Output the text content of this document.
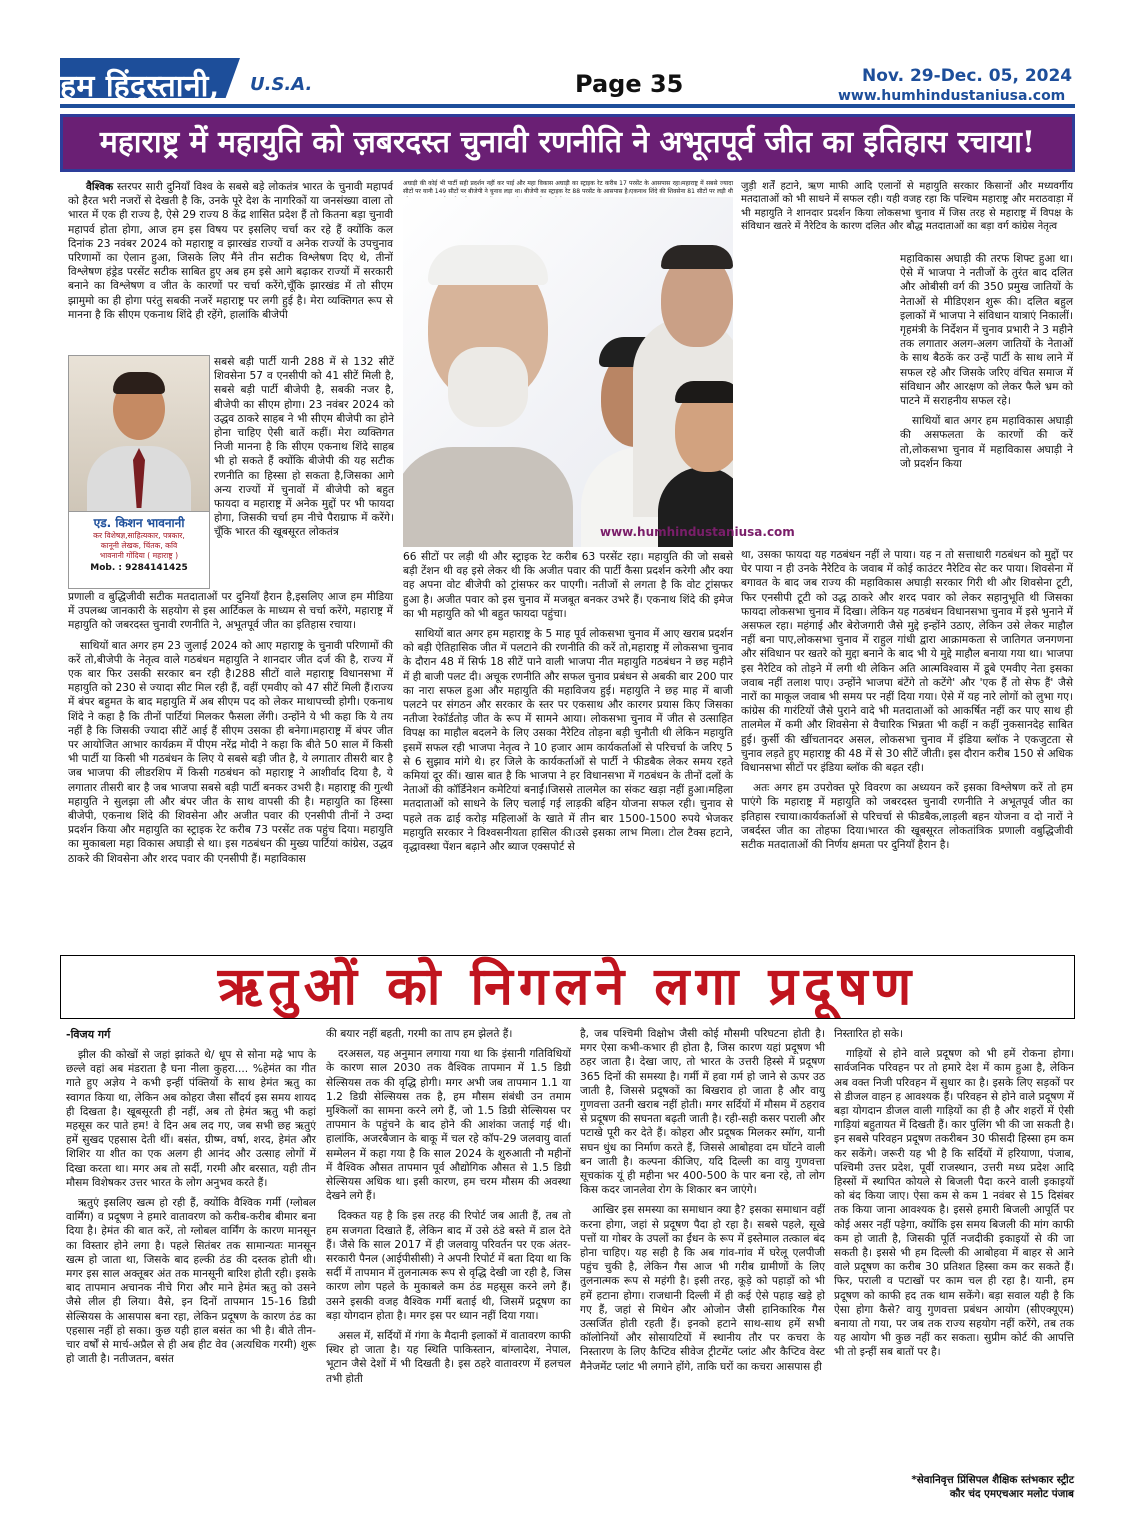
हम हिंदुस्तानी, U.S.A.	Page 35	Nov. 29-Dec. 05, 2024
www.humhindustaniusa.com
महाराष्ट्र में महायुति को ज़बरदस्त चुनावी रणनीति ने अभूतपूर्व जीत का इतिहास रचाया!

वैश्विक स्तरपर सारी दुनियाँ विश्व के सबसे बड़े लोकतंत्र भारत के चुनावी महापर्व को हैरत भरी नजरों से देखती है कि, उनके पूरे देश के नागरिकों या जनसंख्या वाला तो भारत में एक ही राज्य है, ऐसे 29 राज्य 8 केंद्र शासित प्रदेश हैं तो कितना बड़ा चुनावी महापर्व होता होगा, आज हम इस विषय पर इसलिए चर्चा कर रहे हैं क्योंकि कल दिनांक 23 नवंबर 2024 को महाराष्ट्र व झारखंड राज्यों व अनेक राज्यों के उपचुनाव परिणामों का ऐलान हुआ, जिसके लिए मैंने तीन सटीक विश्लेषण दिए थे, तीनों विश्लेषण हंड्रेड परसेंट सटीक साबित हुए अब हम इसे आगे बढ़ाकर राज्यों में सरकारी बनाने का विश्लेषण व जीत के कारणों पर चर्चा करेंगे,चूँकि झारखंड में तो सीएम झामुमो का ही होगा परंतु सबकी नजरें महाराष्ट्र पर लगी हुई है। मेरा व्यक्तिगत रूप से मानना है कि सीएम एकनाथ शिंदे ही रहेंगे, हालांकि बीजेपी

एड. किशन भावनानी
कर विशेषज्ञ,साहित्यकार, पत्रकार,
कानूनी लेखक, चिंतक, कवि
भावनानी गोंदिया ( महाराष्ट्र )
Mob. : 9284141425

सबसे बड़ी पार्टी यानी 288 में से 132 सीटें शिवसेना 57 व एनसीपी को 41 सीटें मिली है, सबसे बड़ी पार्टी बीजेपी है, सबकी नजर है, बीजेपी का सीएम होगा। 23 नवंबर 2024 को उद्धव ठाकरे साहब ने भी सीएम बीजेपी का होने होना चाहिए ऐसी बातें कहीं। मेरा व्यक्तिगत निजी मानना है कि सीएम एकनाथ शिंदे साहब भी हो सकते हैं क्योंकि बीजेपी की यह सटीक रणनीति का हिस्सा हो सकता है,जिसका आगे अन्य राज्यों में चुनावों में बीजेपी को बहुत फायदा व महाराष्ट्र में अनेक मुद्दों पर भी फायदा होगा, जिसकी चर्चा हम नीचे पैराग्राफ में करेंगे। चूँकि भारत की खूबसूरत लोकतंत्र

प्रणाली व बुद्धिजीवी सटीक मतदाताओं पर दुनियाँ हैरान है,इसलिए आज हम मीडिया में उपलब्ध जानकारी के सहयोग से इस आर्टिकल के माध्यम से चर्चा करेंगे, महाराष्ट्र में महायुति को जबरदस्त चुनावी रणनीति ने, अभूतपूर्व जीत का इतिहास रचाया।

साथियों बात अगर हम 23 जुलाई 2024 को आए महाराष्ट्र के चुनावी परिणामों की करें तो,बीजेपी के नेतृत्व वाले गठबंधन महायुति ने शानदार जीत दर्ज की है, राज्य में एक बार फिर उसकी सरकार बन रही है।288 सीटों वाले महाराष्ट्र विधानसभा में महायुति को 230 से ज्यादा सीट मिल रही हैं, वहीं एमवीए को 47 सीटें मिली हैं।राज्य में बंपर बहुमत के बाद महायुति में अब सीएम पद को लेकर माथापच्ची होगी। एकनाथ शिंदे ने कहा है कि तीनों पार्टियां मिलकर फैसला लेंगी। उन्होंने ये भी कहा कि ये तय नहीं है कि जिसकी ज्यादा सीटें आई हैं सीएम उसका ही बनेगा।महाराष्ट्र में बंपर जीत पर आयोजित आभार कार्यक्रम में पीएम नरेंद्र मोदी ने कहा कि बीते 50 साल में किसी भी पार्टी या किसी भी गठबंधन के लिए ये सबसे बड़ी जीत है, ये लगातार तीसरी बार है जब भाजपा की लीडरशिप में किसी गठबंधन को महाराष्ट्र ने आशीर्वाद दिया है, ये लगातार तीसरी बार है जब भाजपा सबसे बड़ी पार्टी बनकर उभरी है। महाराष्ट्र की गुत्थी महायुति ने सुलझा ली और बंपर जीत के साथ वापसी की है। महायुति का हिस्सा बीजेपी, एकनाथ शिंदे की शिवसेना और अजीत पवार की एनसीपी तीनों ने उम्दा प्रदर्शन किया और महायुति का स्ट्राइक रेट करीब 73 परसेंट तक पहुंच दिया। महायुति का मुकाबला महा विकास अघाड़ी से था। इस गठबंधन की मुख्य पार्टियां कांग्रेस, उद्धव ठाकरे की शिवसेना और शरद पवार की एनसीपी हैं। महाविकास

अघाड़ी की कोई भी पार्टी सही प्रदर्शन नहीं कर पाई और महा विकास अघाड़ी का स्ट्राइक रेट करीब 17 परसेंट के आसपास रहा।महाराष्ट्र में सबसे ज्यादा सीटों पर यानी 149 सीटों पर बीजेपी ने चुनाव लड़ा था। बीजेपी का स्ट्राइक रेट 88 परसेंट के आसपास है।एकनाथ शिंदे की शिवसेना 81 सीटों पर लड़ी थी

www.humhindustaniusa.com

66 सीटों पर लड़ी थी और स्ट्राइक रेट करीब 63 परसेंट रहा। महायुति की जो सबसे बड़ी टेंशन थी वह इसे लेकर थी कि अजीत पवार की पार्टी कैसा प्रदर्शन करेगी और क्या वह अपना वोट बीजेपी को ट्रांसफर कर पाएगी। नतीजों से लगता है कि वोट ट्रांसफर हुआ है। अजीत पवार को इस चुनाव में मजबूत बनकर उभरे हैं। एकनाथ शिंदे की इमेज का भी महायुति को भी बहुत फायदा पहुंचा।

साथियों बात अगर हम महाराष्ट्र के 5 माह पूर्व लोकसभा चुनाव में आए खराब प्रदर्शन को बड़ी ऐतिहासिक जीत में पलटाने की रणनीति की करें तो,महाराष्ट्र में लोकसभा चुनाव के दौरान 48 में सिर्फ 18 सीटें पाने वाली भाजपा नीत महायुति गठबंधन ने छह महीने में ही बाजी पलट दी। अचूक रणनीति और सफल चुनाव प्रबंधन से अबकी बार 200 पार का नारा सफल हुआ और महायुति की महाविजय हुई। महायुति ने छह माह में बाजी पलटने पर संगठन और सरकार के स्तर पर एकसाथ और कारगर प्रयास किए जिसका नतीजा रेकॉर्डतोड़ जीत के रूप में सामने आया। लोकसभा चुनाव में जीत से उत्साहित विपक्ष का माहौल बदलने के लिए उसका नैरेटिव तोड़ना बड़ी चुनौती थी लेकिन महायुति इसमें सफल रही भाजपा नेतृत्व ने 10 हजार आम कार्यकर्ताओं से परिचर्चा के जरिए 5 से 6 सुझाव मांगे थे। हर जिले के कार्यकर्ताओं से पार्टी ने फीडबैक लेकर समय रहते कमियां दूर कीं। खास बात है कि भाजपा ने हर विधानसभा में गठबंधन के तीनों दलों के नेताओं की कॉर्डिनेशन कमेटियां बनाईं।जिससे तालमेल का संकट खड़ा नहीं हुआ।महिला मतदाताओं को साधने के लिए चलाई गई लाड़की बहिन योजना सफल रही। चुनाव से पहले तक ढाई करोड़ महिलाओं के खाते में तीन बार 1500-1500 रुपये भेजकर महायुति सरकार ने विश्वसनीयता हासिल की।उसे इसका लाभ मिला। टोल टैक्स हटाने, वृद्धावस्था पेंशन बढ़ाने और ब्याज एक्सपोर्ट से

जुड़ी शर्तें हटाने, ऋण माफी आदि एलानों से महायुति सरकार किसानों और मध्यवर्गीय मतदाताओं को भी साधने में सफल रही। यही वजह रहा कि पश्चिम महाराष्ट्र और मराठवाड़ा में भी महायुति ने शानदार प्रदर्शन किया लोकसभा चुनाव में जिस तरह से महाराष्ट्र में विपक्ष के संविधान खतरे में नैरेटिव के कारण दलित और बौद्ध मतदाताओं का बड़ा वर्ग कांग्रेस नेतृत्व

महाविकास अघाड़ी की तरफ शिफ्ट हुआ था। ऐसे में भाजपा ने नतीजों के तुरंत बाद दलित और ओबीसी वर्ग की 350 प्रमुख जातियों के नेताओं से मीडिएशन शुरू की। दलित बहुल इलाकों में भाजपा ने संविधान यात्राएं निकालीं। गृहमंत्री के निर्देशन में चुनाव प्रभारी ने 3 महीने तक लगातार अलग-अलग जातियों के नेताओं के साथ बैठकें कर उन्हें पार्टी के साथ लाने में सफल रहे और जिसके जरिए वंचित समाज में संविधान और आरक्षण को लेकर फैले भ्रम को पाटने में सराहनीय सफल रहे।

साथियों बात अगर हम महाविकास अघाड़ी की असफलता के कारणों की करें तो,लोकसभा चुनाव में महाविकास अघाड़ी ने जो प्रदर्शन किया

था, उसका फायदा यह गठबंधन नहीं ले पाया। यह न तो सत्ताधारी गठबंधन को मुद्दों पर घेर पाया न ही उनके नैरेटिव के जवाब में कोई काउंटर नैरेटिव सेट कर पाया। शिवसेना में बगावत के बाद जब राज्य की महाविकास अघाड़ी सरकार गिरी थी और शिवसेना टूटी, फिर एनसीपी टूटी को उद्ध ठाकरे और शरद पवार को लेकर सहानुभूति थी जिसका फायदा लोकसभा चुनाव में दिखा। लेकिन यह गठबंधन विधानसभा चुनाव में इसे भुनाने में असफल रहा। महंगाई और बेरोजगारी जैसे मुद्दे इन्होंने उठाए, लेकिन उसे लेकर माहौल नहीं बना पाए,लोकसभा चुनाव में राहुल गांधी द्वारा आक्रामकता से जातिगत जनगणना और संविधान पर खतरे को मुद्दा बनाने के बाद भी ये मुद्दे माहौल बनाया गया था। भाजपा इस नैरेटिव को तोड़ने में लगी थी लेकिन अति आत्मविश्वास में डूबे एमवीए नेता इसका जवाब नहीं तलाश पाए। उन्होंने भाजपा बंटेंगे तो कटेंगे' और 'एक हैं तो सेफ हैं' जैसे नारों का माकूल जवाब भी समय पर नहीं दिया गया। ऐसे में यह नारे लोगों को लुभा गए। कांग्रेस की गारंटियों जैसे पुराने वादे भी मतदाताओं को आकर्षित नहीं कर पाए साथ ही तालमेल में कमी और शिवसेना से वैचारिक भिन्नता भी कहीं न कहीं नुकसानदेह साबित हुई। कुर्सी की खींचतानदर असल, लोकसभा चुनाव में इंडिया ब्लॉक ने एकजुटता से चुनाव लड़ते हुए महाराष्ट्र की 48 में से 30 सीटें जीती। इस दौरान करीब 150 से अधिक विधानसभा सीटों पर इंडिया ब्लॉक की बढ़त रही।

अतः अगर हम उपरोक्त पूरे विवरण का अध्ययन करें इसका विश्लेषण करें तो हम पाएंगे कि महाराष्ट्र में महायुति को जबरदस्त चुनावी रणनीति ने अभूतपूर्व जीत का इतिहास रचाया।कार्यकर्ताओं से परिचर्चा से फीडबैक,लाड़ली बहन योजना व दो नारों ने जबर्दस्त जीत का तोहफा दिया।भारत की खूबसूरत लोकतांत्रिक प्रणाली वबुद्धिजीवी सटीक मतदाताओं की निर्णय क्षमता पर दुनियाँ हैरान है।

ऋतुओं को निगलने लगा प्रदूषण
-विजय गर्ग

झील की कोखों से जहां झांकते थे/ धूप से सोना मढ़े भाप के छल्ले वहां अब मंडराता है घना नीला कुहरा.... %हेमंत का गीत गाते हुए अज्ञेय ने कभी इन्हीं पंक्तियों के साथ हेमंत ऋतु का स्वागत किया था, लेकिन अब कोहरा जैसा सौंदर्य इस समय शायद ही दिखता है। खूबसूरती ही नहीं, अब तो हेमंत ऋतु भी कहां महसूस कर पाते हम! वे दिन अब लद गए, जब सभी छह ऋतुएं हमें सुखद एहसास देती थीं। बसंत, ग्रीष्म, वर्षा, शरद, हेमंत और शिशिर या शीत का एक अलग ही आनंद और उत्साह लोगों में दिखा करता था। मगर अब तो सर्दी, गरमी और बरसात, यही तीन मौसम विशेषकर उत्तर भारत के लोग अनुभव करते हैं।

ऋतुएं इसलिए खत्म हो रही हैं, क्योंकि वैश्विक गर्मी (ग्लोबल वार्मिंग) व प्रदूषण ने हमारे वातावरण को करीब-करीब बीमार बना दिया है। हेमंत की बात करें, तो ग्लोबल वार्मिंग के कारण मानसून का विस्तार होने लगा है। पहले सितंबर तक सामान्यतः मानसून खत्म हो जाता था, जिसके बाद हल्की ठंड की दस्तक होती थी। मगर इस साल अक्तूबर अंत तक मानसूनी बारिश होती रही। इसके बाद तापमान अचानक नीचे गिरा और माने हेमंत ऋतु को उसने जैसे लील ही लिया। वैसे, इन दिनों तापमान 15-16 डिग्री सेल्सियस के आसपास बना रहा, लेकिन प्रदूषण के कारण ठंड का एहसास नहीं हो सका। कुछ यही हाल बसंत का भी है। बीते तीन-चार वर्षों से मार्च-अप्रैल से ही अब हीट वेव (अत्यधिक गरमी) शुरू हो जाती है। नतीजतन, बसंत

की बयार नहीं बहती, गरमी का ताप हम झेलते हैं।

दरअसल, यह अनुमान लगाया गया था कि इंसानी गतिविधियों के कारण साल 2030 तक वैश्विक तापमान में 1.5 डिग्री सेल्सियस तक की वृद्धि होगी। मगर अभी जब तापमान 1.1 या 1.2 डिग्री सेल्सियस तक है, हम मौसम संबंधी उन तमाम मुश्किलों का सामना करने लगे हैं, जो 1.5 डिग्री सेल्सियस पर तापमान के पहुंचने के बाद होने की आशंका जताई गई थी। हालांकि, अजरबैजान के बाकू में चल रहे कॉप-29 जलवायु वार्ता सम्मेलन में कहा गया है कि साल 2024 के शुरुआती नौ महीनों में वैश्विक औसत तापमान पूर्व औद्योगिक औसत से 1.5 डिग्री सेल्सियस अधिक था। इसी कारण, हम चरम मौसम की अवस्था देखने लगे हैं।

दिक्कत यह है कि इस तरह की रिपोर्ट जब आती हैं, तब तो हम सजगता दिखाते हैं, लेकिन बाद में उसे ठंडे बस्ते में डाल देते हैं। जैसे कि साल 2017 में ही जलवायु परिवर्तन पर एक अंतर-सरकारी पैनल (आईपीसीसी) ने अपनी रिपोर्ट में बता दिया था कि सर्दी में तापमान में तुलनात्मक रूप से वृद्धि देखी जा रही है, जिस कारण लोग पहले के मुकाबले कम ठंड महसूस करने लगे हैं। उसने इसकी वजह वैश्विक गर्मी बताई थी, जिसमें प्रदूषण का बड़ा योगदान होता है। मगर इस पर ध्यान नहीं दिया गया।

असल में, सर्दियों में गंगा के मैदानी इलाकों में वातावरण काफी स्थिर हो जाता है। यह स्थिति पाकिस्तान, बांग्लादेश, नेपाल, भूटान जैसे देशों में भी दिखती है। इस ठहरे वातावरण में हलचल तभी होती

है, जब पश्चिमी विक्षोभ जैसी कोई मौसमी परिघटना होती है। मगर ऐसा कभी-कभार ही होता है, जिस कारण यहां प्रदूषण भी ठहर जाता है। देखा जाए, तो भारत के उत्तरी हिस्से में प्रदूषण 365 दिनों की समस्या है। गर्मी में हवा गर्म हो जाने से ऊपर उठ जाती है, जिससे प्रदूषकों का बिखराव हो जाता है और वायु गुणवत्ता उतनी खराब नहीं होती। मगर सर्दियों में मौसम में ठहराव से प्रदूषण की सघनता बढ़ती जाती है। रही-सही कसर पराली और पटाखे पूरी कर देते हैं। कोहरा और प्रदूषक मिलकर स्मॉग, यानी सघन धुंध का निर्माण करते हैं, जिससे आबोहवा दम घोंटने वाली बन जाती है। कल्पना कीजिए, यदि दिल्ली का वायु गुणवत्ता सूचकांक यूं ही महीना भर 400-500 के पार बना रहे, तो लोग किस कदर जानलेवा रोग के शिकार बन जाएंगे।

आखिर इस समस्या का समाधान क्या है? इसका समाधान वहीं करना होगा, जहां से प्रदूषण पैदा हो रहा है। सबसे पहले, सूखे पत्तों या गोबर के उपलों का ईंधन के रूप में इस्तेमाल तत्काल बंद होना चाहिए। यह सही है कि अब गांव-गांव में घरेलू एलपीजी पहुंच चुकी है, लेकिन गैस आज भी गरीब ग्रामीणों के लिए तुलनात्मक रूप से महंगी है। इसी तरह, कूड़े को पहाड़ों को भी हमें हटाना होगा। राजधानी दिल्ली में ही कई ऐसे पहाड़ खड़े हो गए हैं, जहां से मिथेन और ओजोन जैसी हानिकारिक गैस उत्सर्जित होती रहती हैं। इनको हटाने साथ-साथ हमें सभी कॉलोनियों और सोसायटियों में स्थानीय तौर पर कचरा के निस्तारण के लिए कैप्टिव सीवेज ट्रीटमेंट प्लांट और कैप्टिव वेस्ट मैनेजमेंट प्लांट भी लगाने होंगे, ताकि घरों का कचरा आसपास ही

निस्तारित हो सके।

गाड़ियों से होने वाले प्रदूषण को भी हमें रोकना होगा। सार्वजनिक परिवहन पर तो हमारे देश में काम हुआ है, लेकिन अब वक्त निजी परिवहन में सुधार का है। इसके लिए सड़कों पर से डीजल वाहन ह आवश्यक हैं। परिवहन से होने वाले प्रदूषण में बड़ा योगदान डीजल वाली गाड़ियों का ही है और शहरों में ऐसी गाड़ियां बहुतायत में दिखती हैं। कार पुलिंग भी की जा सकती है। इन सबसे परिवहन प्रदूषण तकरीबन 30 फीसदी हिस्सा हम कम कर सकेंगे। जरूरी यह भी है कि सर्दियों में हरियाणा, पंजाब, पश्चिमी उत्तर प्रदेश, पूर्वी राजस्थान, उत्तरी मध्य प्रदेश आदि हिस्सों में स्थापित कोयले से बिजली पैदा करने वाली इकाइयों को बंद किया जाए। ऐसा कम से कम 1 नवंबर से 15 दिसंबर तक किया जाना आवश्यक है। इससे हमारी बिजली आपूर्ति पर कोई असर नहीं पड़ेगा, क्योंकि इस समय बिजली की मांग काफी कम हो जाती है, जिसकी पूर्ति नजदीकी इकाइयों से की जा सकती है। इससे भी हम दिल्ली की आबोहवा में बाहर से आने वाले प्रदूषण का करीब 30 प्रतिशत हिस्सा कम कर सकते हैं। फिर, पराली व पटाखों पर काम चल ही रहा है। यानी, हम प्रदूषण को काफी हद तक थाम सकेंगे। बड़ा सवाल यही है कि ऐसा होगा कैसे? वायु गुणवत्ता प्रबंधन आयोग (सीएक्यूएम) बनाया तो गया, पर जब तक राज्य सहयोग नहीं करेंगे, तब तक यह आयोग भी कुछ नहीं कर सकता। सुप्रीम कोर्ट की आपत्ति भी तो इन्हीं सब बातों पर है।

*सेवानिवृत्त प्रिंसिपल शैक्षिक स्तंभकार स्ट्रीट
कौर चंद एमएचआर मलोट पंजाब
